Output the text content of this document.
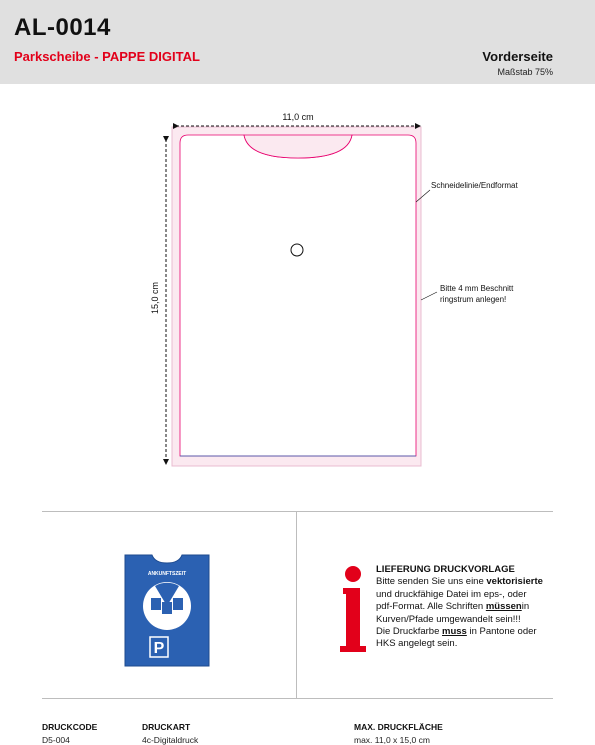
AL-0014
Parkscheibe - PAPPE DIGITAL	Vorderseite
Maßstab 75%
11,0 cm
15,0 cm
Schneidelinie/Endformat
Bitte 4 mm Beschnitt
ringstrum anlegen!
ANKUNFTSZEIT
P
LIEFERUNG DRUCKVORLAGE
Bitte senden Sie uns eine vektorisierte
und druckfähige Datei im eps-, oder
pdf-Format. Alle Schriften müssenin
Kurven/Pfade umgewandelt sein!!!
Die Druckfarbe muss in Pantone oder
HKS angelegt sein.
DRUCKCODE
D5-004
DRUCKART
4c-Digitaldruck
MAX. DRUCKFLÄCHE
max. 11,0 x 15,0 cm
